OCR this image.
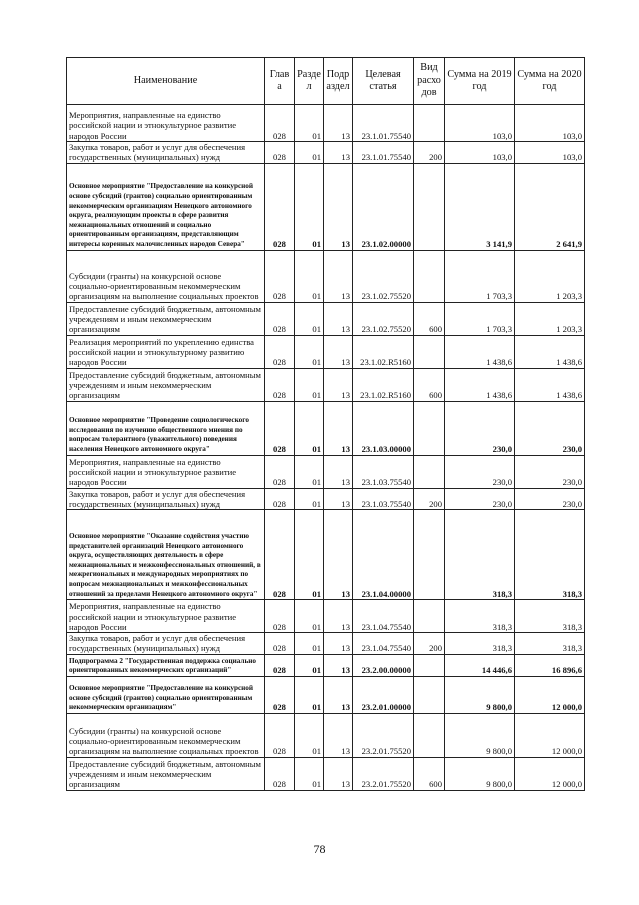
Наименование	Глав а	Разде л	Подр аздел	Целевая статья	Вид расхо дов	Сумма на 2019 год	Сумма на 2020 год
Мероприятия, направленные на единство российской нации и этнокультурное развитие народов России	028	01	13	23.1.01.75540		103,0	103,0
Закупка товаров, работ и услуг для обеспечения государственных (муниципальных) нужд	028	01	13	23.1.01.75540	200	103,0	103,0
Основное мероприятие "Предоставление на конкурсной основе субсидий (грантов) социально ориентированным некоммерческим организациям Ненецкого автономного округа, реализующим проекты в сфере развития межнациональных отношений и социально ориентированным организациям, представляющим интересы коренных малочисленных народов Севера"	028	01	13	23.1.02.00000		3 141,9	2 641,9
Субсидии (гранты) на конкурсной основе социально-ориентированным некоммерческим организациям на выполнение социальных проектов	028	01	13	23.1.02.75520		1 703,3	1 203,3
Предоставление субсидий бюджетным, автономным учреждениям и иным некоммерческим организациям	028	01	13	23.1.02.75520	600	1 703,3	1 203,3
Реализация мероприятий по укреплению единства российской нации и этнокультурному развитию народов России	028	01	13	23.1.02.R5160		1 438,6	1 438,6
Предоставление субсидий бюджетным, автономным учреждениям и иным некоммерческим организациям	028	01	13	23.1.02.R5160	600	1 438,6	1 438,6
Основное мероприятие "Проведение социологического исследования по изучению общественного мнения по вопросам толерантного (уважительного) поведения населения Ненецкого автономного округа"	028	01	13	23.1.03.00000		230,0	230,0
Мероприятия, направленные на единство российской нации и этнокультурное развитие народов России	028	01	13	23.1.03.75540		230,0	230,0
Закупка товаров, работ и услуг для обеспечения государственных (муниципальных) нужд	028	01	13	23.1.03.75540	200	230,0	230,0
Основное мероприятие "Оказание содействия участию представителей организаций Ненецкого автономного округа, осуществляющих деятельность в сфере межнациональных и межконфессиональных отношений, в межрегиональных и международных мероприятиях по вопросам межнациональных и межконфессиональных отношений за пределами Ненецкого автономного округа"	028	01	13	23.1.04.00000		318,3	318,3
Мероприятия, направленные на единство российской нации и этнокультурное развитие народов России	028	01	13	23.1.04.75540		318,3	318,3
Закупка товаров, работ и услуг для обеспечения государственных (муниципальных) нужд	028	01	13	23.1.04.75540	200	318,3	318,3
Подпрограмма 2 "Государственная поддержка социально ориентированных некоммерческих организаций"	028	01	13	23.2.00.00000		14 446,6	16 896,6
Основное мероприятие "Предоставление на конкурсной основе субсидий (грантов) социально ориентированным некоммерческим организациям"	028	01	13	23.2.01.00000		9 800,0	12 000,0
Субсидии (гранты) на конкурсной основе социально-ориентированным некоммерческим организациям на выполнение социальных проектов	028	01	13	23.2.01.75520		9 800,0	12 000,0
Предоставление субсидий бюджетным, автономным учреждениям и иным некоммерческим организациям	028	01	13	23.2.01.75520	600	9 800,0	12 000,0
78
